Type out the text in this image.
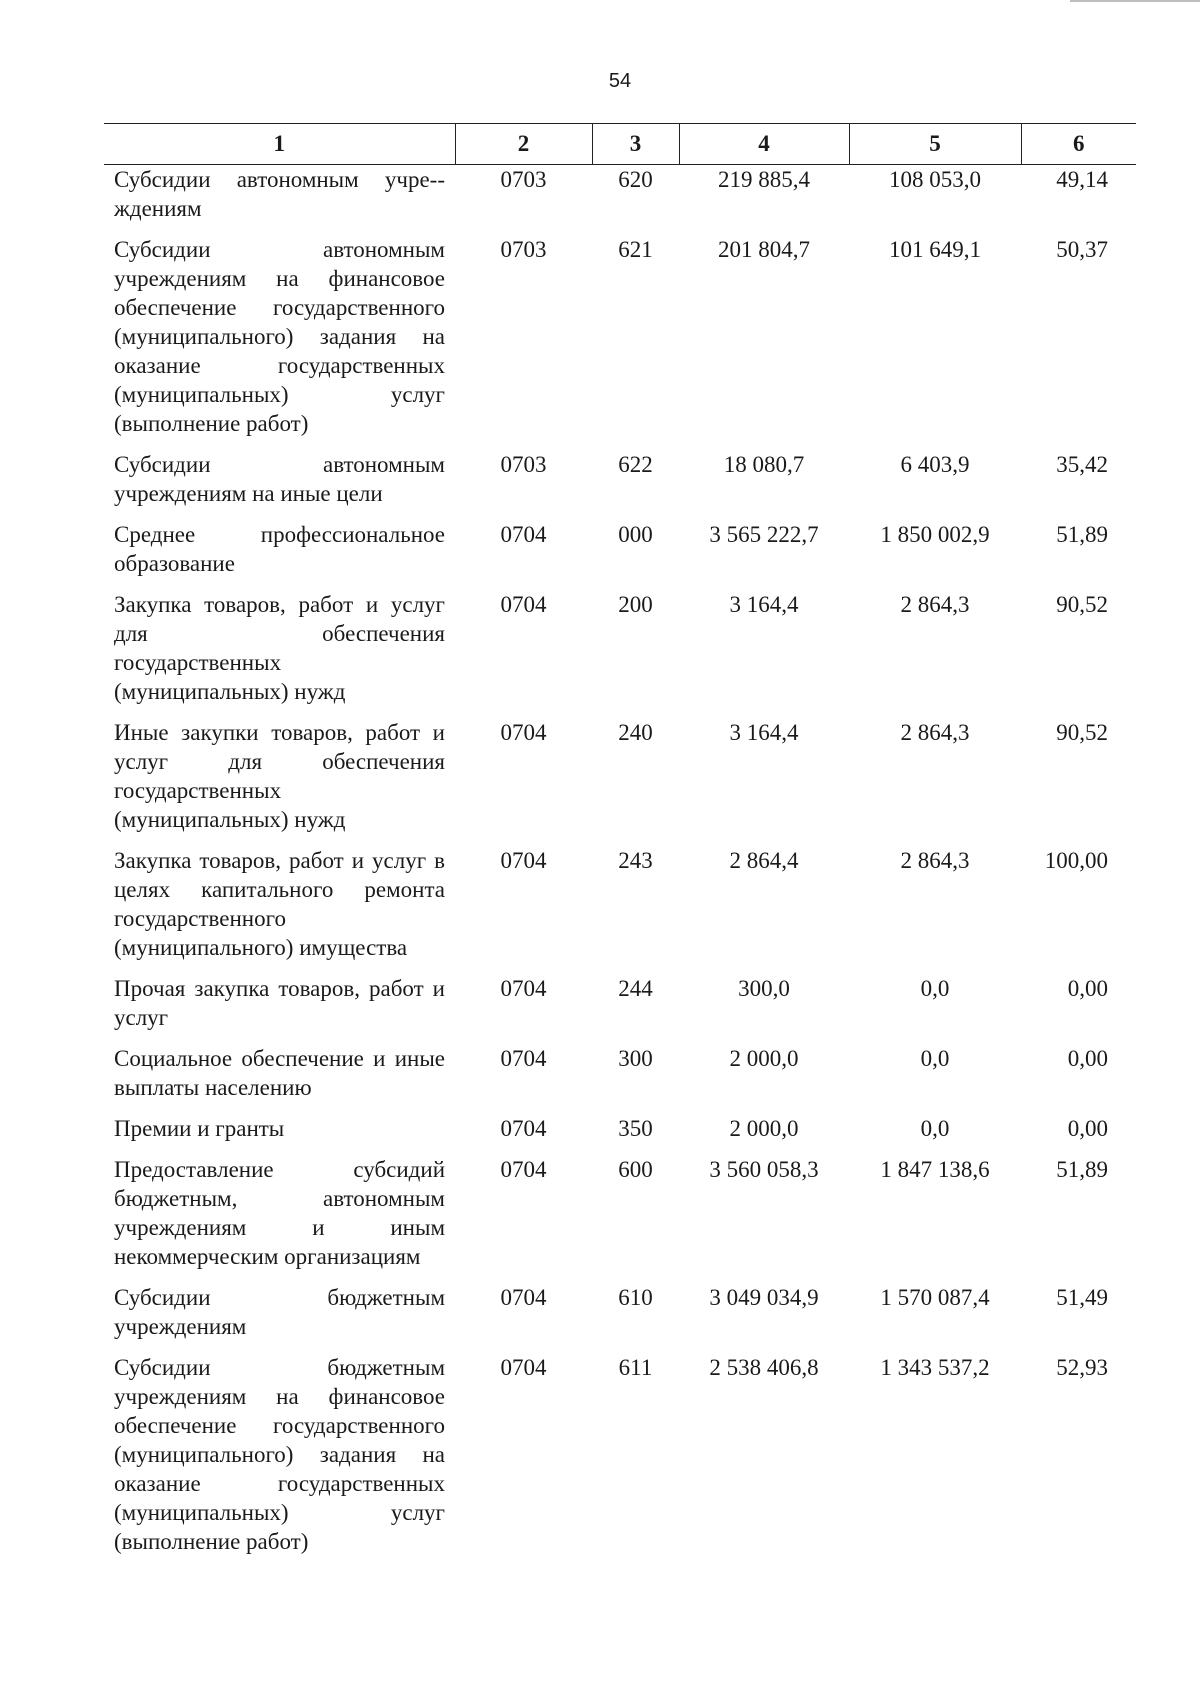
54
1	2	3	4	5	6
Субсидии автономным учре-ждениям	0703	620	219 885,4	108 053,0	49,14
Субсидии автономным учреждениям на финансовое обеспечение государственного (муниципального) задания на оказание государственных (муниципальных) услуг (выполнение работ)	0703	621	201 804,7	101 649,1	50,37
Субсидии автономным учреждениям на иные цели	0703	622	18 080,7	6 403,9	35,42
Среднее профессиональное образование	0704	000	3 565 222,7	1 850 002,9	51,89
Закупка товаров, работ и услуг для обеспечения государственных (муниципальных) нужд	0704	200	3 164,4	2 864,3	90,52
Иные закупки товаров, работ и услуг для обеспечения государственных (муниципальных) нужд	0704	240	3 164,4	2 864,3	90,52
Закупка товаров, работ и услуг в целях капитального ремонта государственного (муниципального) имущества	0704	243	2 864,4	2 864,3	100,00
Прочая закупка товаров, работ и услуг	0704	244	300,0	0,0	0,00
Социальное обеспечение и иные выплаты населению	0704	300	2 000,0	0,0	0,00
Премии и гранты	0704	350	2 000,0	0,0	0,00
Предоставление субсидий бюджетным, автономным учреждениям и иным некоммерческим организациям	0704	600	3 560 058,3	1 847 138,6	51,89
Субсидии бюджетным учреждениям	0704	610	3 049 034,9	1 570 087,4	51,49
Субсидии бюджетным учреждениям на финансовое обеспечение государственного (муниципального) задания на оказание государственных (муниципальных) услуг (выполнение работ)	0704	611	2 538 406,8	1 343 537,2	52,93
